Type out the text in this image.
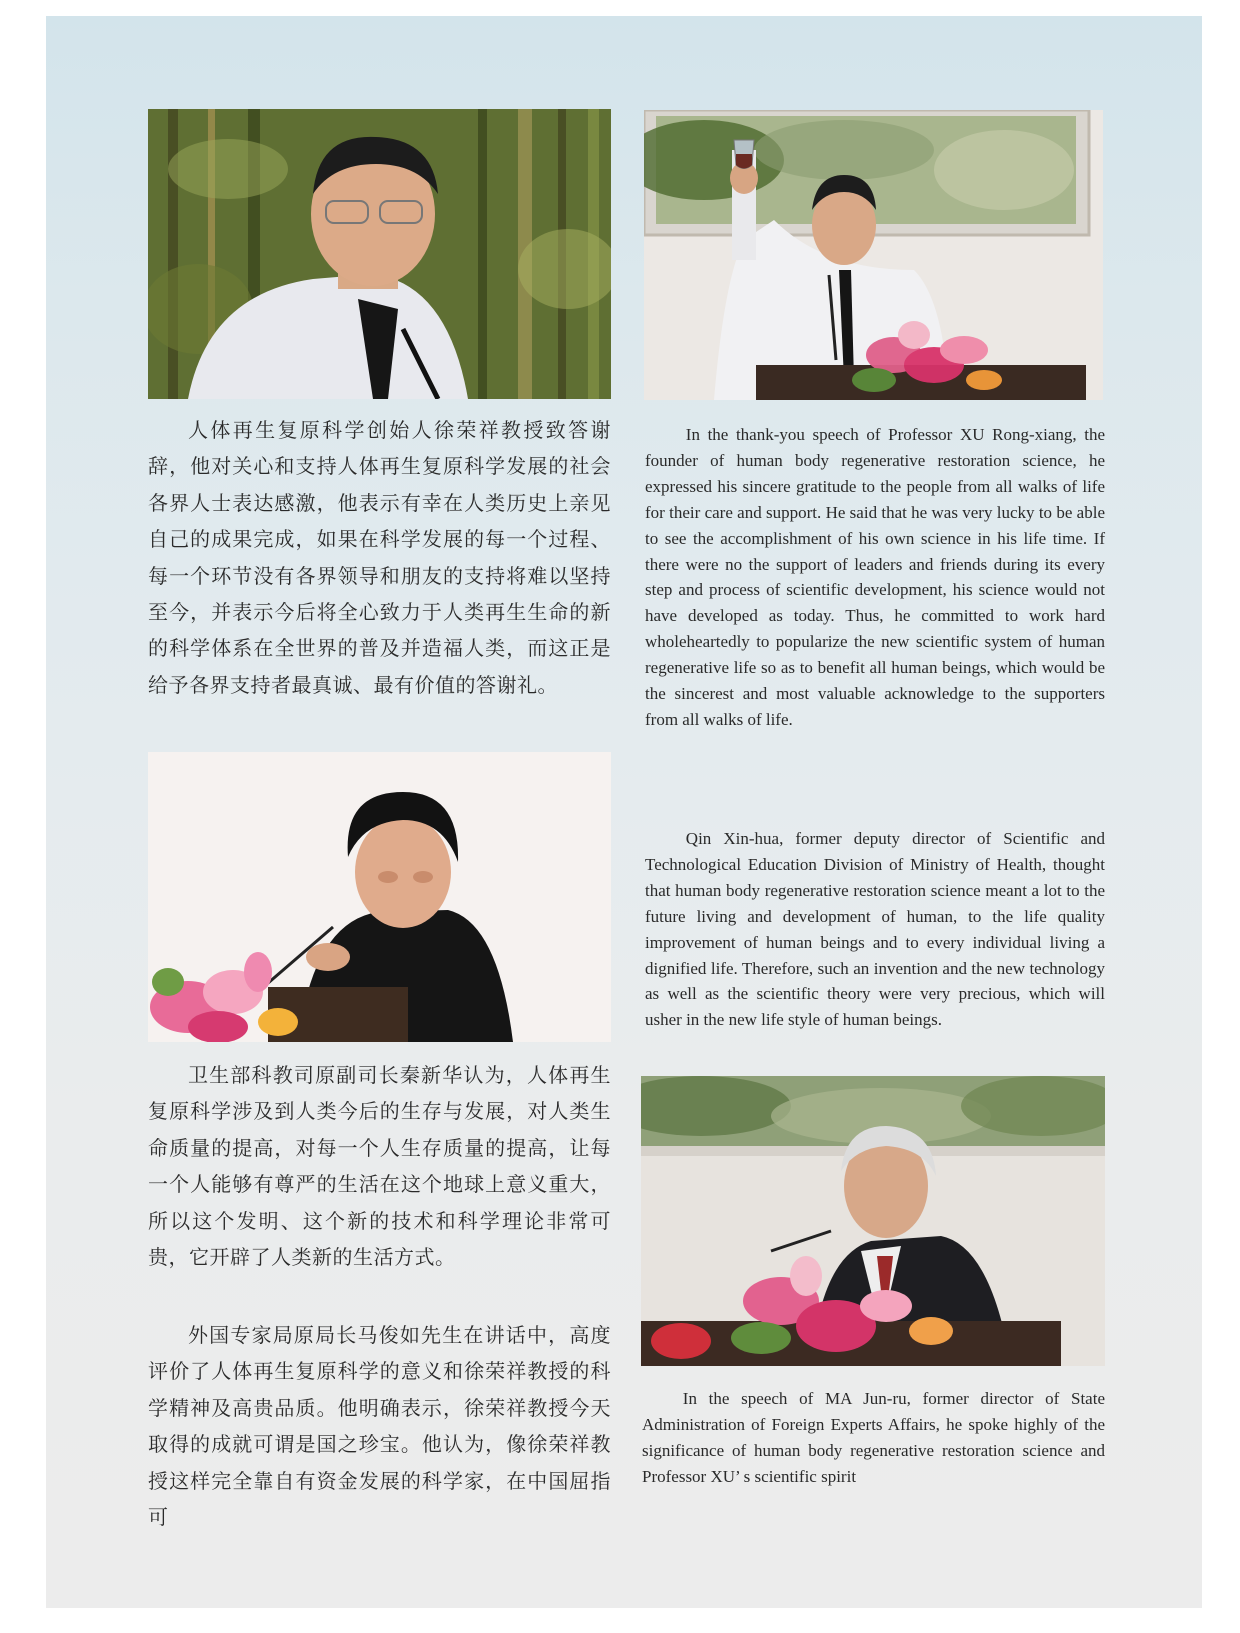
人体再生复原科学创始人徐荣祥教授致答谢辞，他对关心和支持人体再生复原科学发展的社会各界人士表达感激，他表示有幸在人类历史上亲见自己的成果完成，如果在科学发展的每一个过程、每一个环节没有各界领导和朋友的支持将难以坚持至今，并表示今后将全心致力于人类再生生命的新的科学体系在全世界的普及并造福人类，而这正是给予各界支持者最真诚、最有价值的答谢礼。

In the thank-you speech of Professor XU Rong-xiang, the founder of human body regenerative restoration science, he expressed his sincere gratitude to the people from all walks of life for their care and support. He said that he was very lucky to be able to see the accomplishment of his own science in his life time. If there were no the support of leaders and friends during its every step and process of scientific development, his science would not have developed as today. Thus, he committed to work hard wholeheartedly to popularize the new scientific system of human regenerative life so as to benefit all human beings, which would be the sincerest and most valuable acknowledge to the supporters from all walks of life.

Qin Xin-hua, former deputy director of Scientific and Technological Education Division of Ministry of Health, thought that human body regenerative restoration science meant a lot to the future living and development of human, to the life quality improvement of human beings and to every individual living a dignified life. Therefore, such an invention and the new technology as well as the scientific theory were very precious, which will usher in the new life style of human beings.

卫生部科教司原副司长秦新华认为，人体再生复原科学涉及到人类今后的生存与发展，对人类生命质量的提高，对每一个人生存质量的提高，让每一个人能够有尊严的生活在这个地球上意义重大，所以这个发明、这个新的技术和科学理论非常可贵，它开辟了人类新的生活方式。

外国专家局原局长马俊如先生在讲话中，高度评价了人体再生复原科学的意义和徐荣祥教授的科学精神及高贵品质。他明确表示，徐荣祥教授今天取得的成就可谓是国之珍宝。他认为，像徐荣祥教授这样完全靠自有资金发展的科学家，在中国屈指可

In the speech of MA Jun-ru, former director of State Administration of Foreign Experts Affairs, he spoke highly of the significance of human body regenerative restoration science and Professor XU’ s scientific spirit
